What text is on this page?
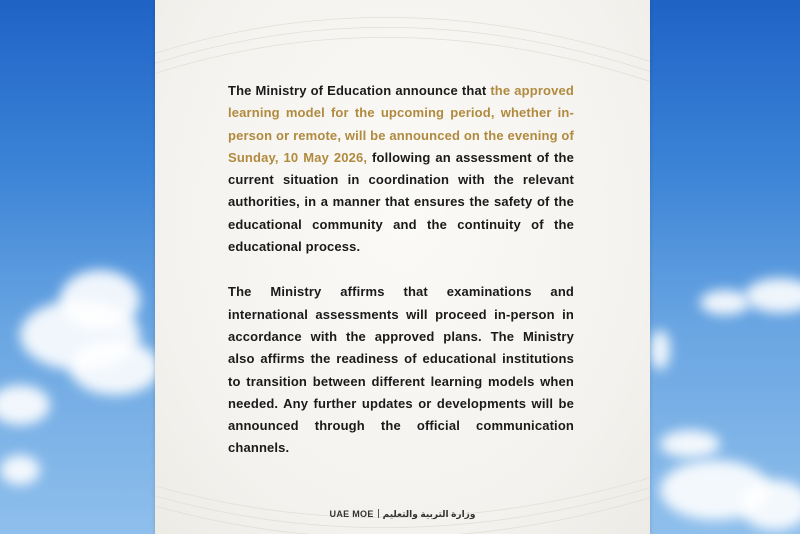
The Ministry of Education announce that the approved learning model for the upcoming period, whether in-person or remote, will be announced on the evening of Sunday, 10 May 2026, following an assessment of the current situation in coordination with the relevant authorities, in a manner that ensures the safety of the educational community and the continuity of the educational process.

The Ministry affirms that examinations and international assessments will proceed in-person in accordance with the approved plans. The Ministry also affirms the readiness of educational institutions to transition between different learning models when needed. Any further updates or developments will be announced through the official communication channels.

UAE MOE وزارة التربية والتعليم
